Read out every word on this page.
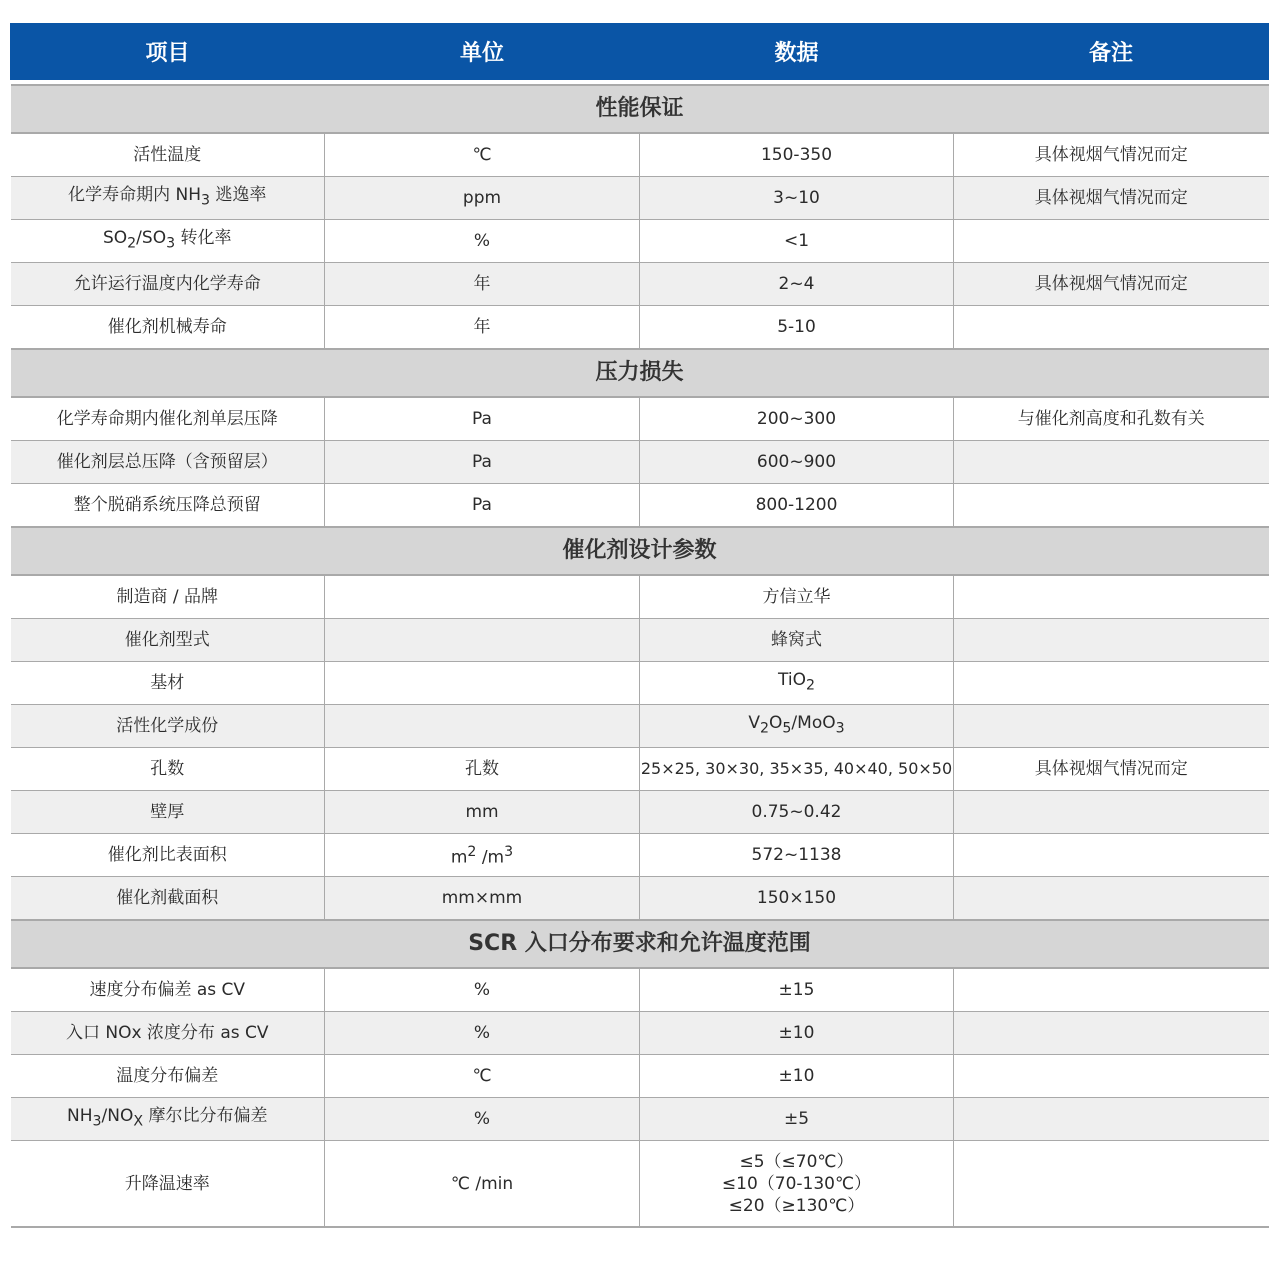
项目	单位	数据	备注

性能保证			
活性温度	℃	150-350	具体视烟气情况而定
化学寿命期内 $NH_3$ 逃逸率	ppm	3~10	具体视烟气情况而定
$SO_2/SO_3$ 转化率	%	<1	
允许运行温度内化学寿命	年	2~4	具体视烟气情况而定
催化剂机械寿命	年	5-10	
压力损失			
化学寿命期内催化剂单层压降	Pa	200~300	与催化剂高度和孔数有关
催化剂层总压降（含预留层）	Pa	600~900	
整个脱硝系统压降总预留	Pa	800-1200	
催化剂设计参数			
制造商 / 品牌		方信立华	
催化剂型式		蜂窝式	
基材		TiO$_2$	
活性化学成份		$V_2O_5/MoO_3$	
孔数	孔数	25×25, 30×30, 35×35, 40×40, 50×50	具体视烟气情况而定
壁厚	mm	0.75~0.42	
催化剂比表面积	$m^2$ $/m^3$	572~1138	
催化剂截面积	mm×mm	150×150	
SCR 入口分布要求和允许温度范围			
速度分布偏差 as CV	%	±15	
入口 NOx 浓度分布 as CV	%	±10	
温度分布偏差	℃	±10	
$NH_3/NO_X$ 摩尔比分布偏差	%	±5	
升降温速率	℃ /min	≤5（≤70℃）
≤10（70-130℃）
≤20（≥130℃）	
